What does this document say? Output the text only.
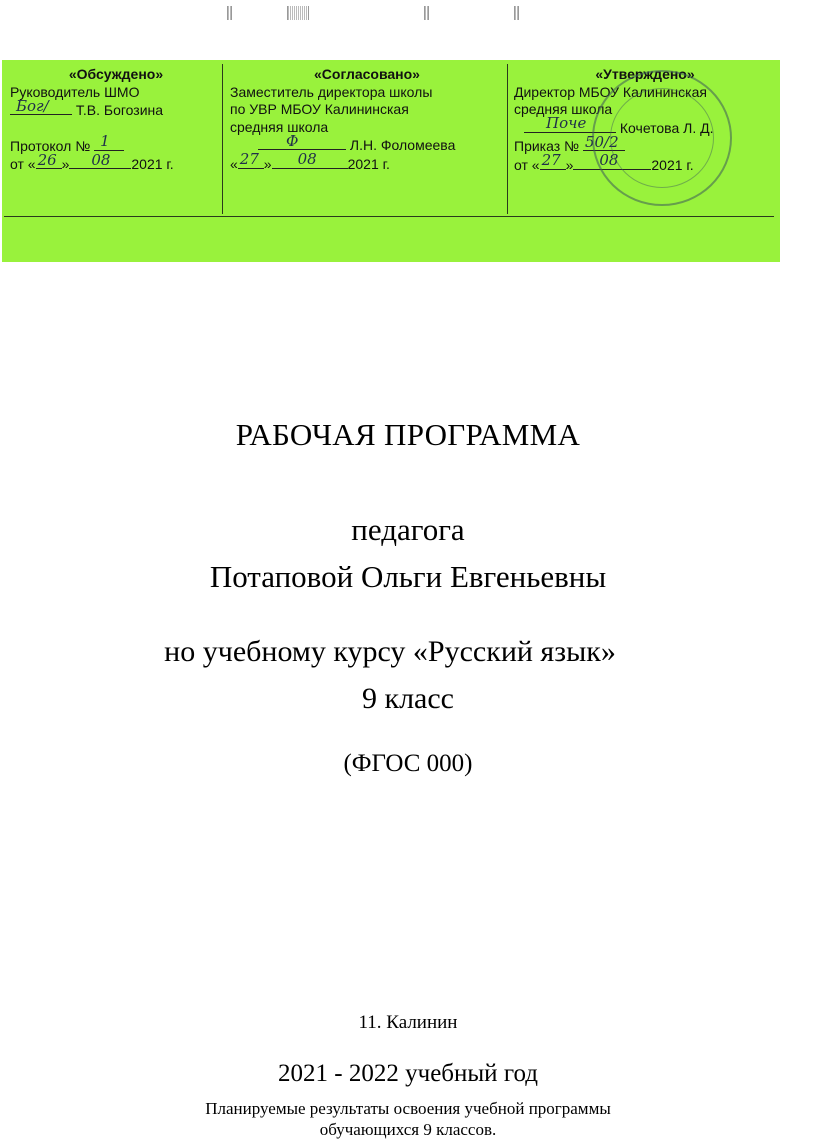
«Обсуждено»
Руководитель ШМО
Бог/ Т.В. Богозина
Протокол № 1
от « 26 » 08 2021 г.
«Согласовано»
Заместитель директора школы
по УВР МБОУ Калининская
средняя школа
Ф	Л.Н. Фоломеева
« 27 » 08 2021 г.
«Утверждено»
Директор МБОУ Калининская
средняя школа
Поче Кочетова Л. Д.
Приказ № 50/2
от « 27 » 08 2021 г.
РАБОЧАЯ ПРОГРАММА
педагога
Потаповой Ольги Евгеньевны
но учебному курсу «Русский язык»
9 класс
(ФГОС 000)
11. Калинин
2021 - 2022 учебный год
Планируемые результаты освоения учебной программы
обучающихся 9 классов.
